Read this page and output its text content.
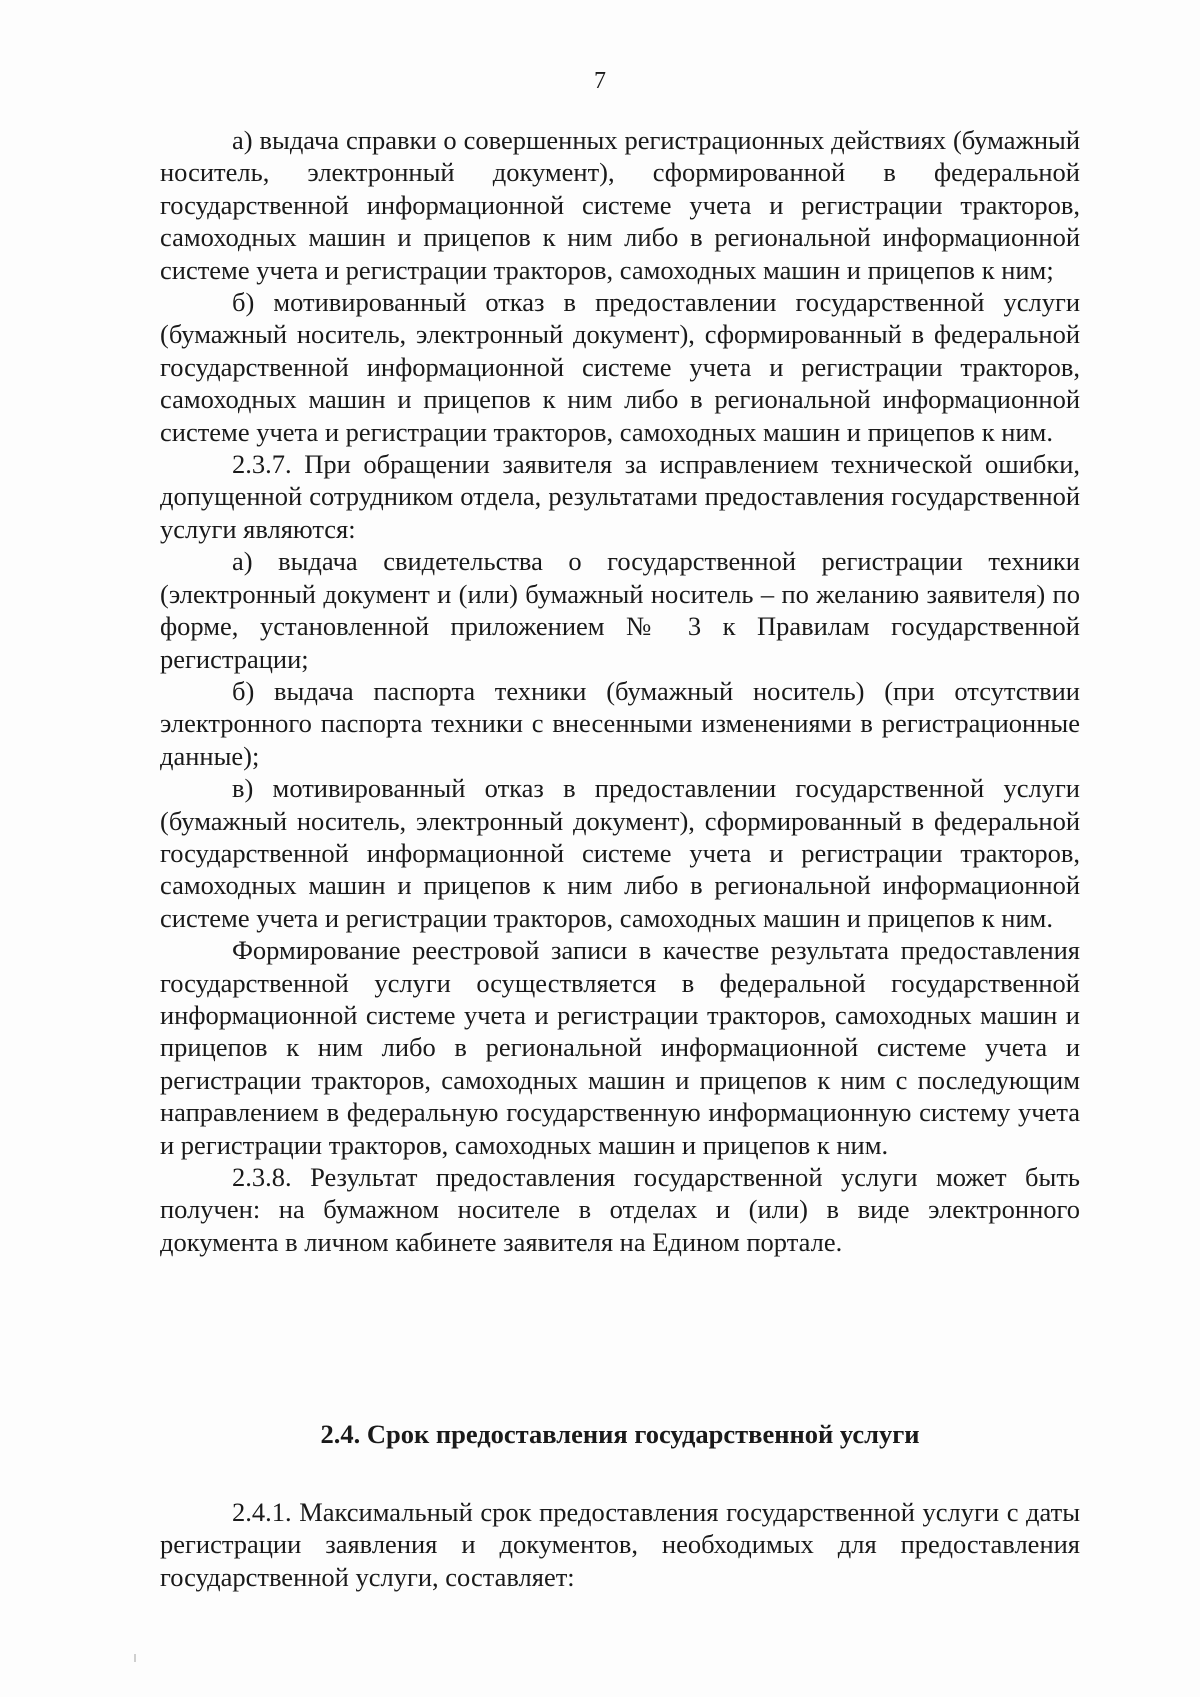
7

а) выдача справки о совершенных регистрационных действиях (бумажный носитель, электронный документ), сформированной в федеральной государственной информационной системе учета и регистрации тракторов, самоходных машин и прицепов к ним либо в региональной информационной системе учета и регистрации тракторов, самоходных машин и прицепов к ним;

б) мотивированный отказ в предоставлении государственной услуги (бумажный носитель, электронный документ), сформированный в федеральной государственной информационной системе учета и регистрации тракторов, самоходных машин и прицепов к ним либо в региональной информационной системе учета и регистрации тракторов, самоходных машин и прицепов к ним.

2.3.7. При обращении заявителя за исправлением технической ошибки, допущенной сотрудником отдела, результатами предоставления государственной услуги являются:

а) выдача свидетельства о государственной регистрации техники (электронный документ и (или) бумажный носитель – по желанию заявителя) по форме, установленной приложением № 3 к Правилам государственной регистрации;

б) выдача паспорта техники (бумажный носитель) (при отсутствии электронного паспорта техники с внесенными изменениями в регистрационные данные);

в) мотивированный отказ в предоставлении государственной услуги (бумажный носитель, электронный документ), сформированный в федеральной государственной информационной системе учета и регистрации тракторов, самоходных машин и прицепов к ним либо в региональной информационной системе учета и регистрации тракторов, самоходных машин и прицепов к ним.

Формирование реестровой записи в качестве результата предоставления государственной услуги осуществляется в федеральной государственной информационной системе учета и регистрации тракторов, самоходных машин и прицепов к ним либо в региональной информационной системе учета и регистрации тракторов, самоходных машин и прицепов к ним с последующим направлением в федеральную государственную информационную систему учета и регистрации тракторов, самоходных машин и прицепов к ним.

2.3.8. Результат предоставления государственной услуги может быть получен: на бумажном носителе в отделах и (или) в виде электронного документа в личном кабинете заявителя на Едином портале.

2.4. Срок предоставления государственной услуги

2.4.1. Максимальный срок предоставления государственной услуги с даты регистрации заявления и документов, необходимых для предоставления государственной услуги, составляет:
